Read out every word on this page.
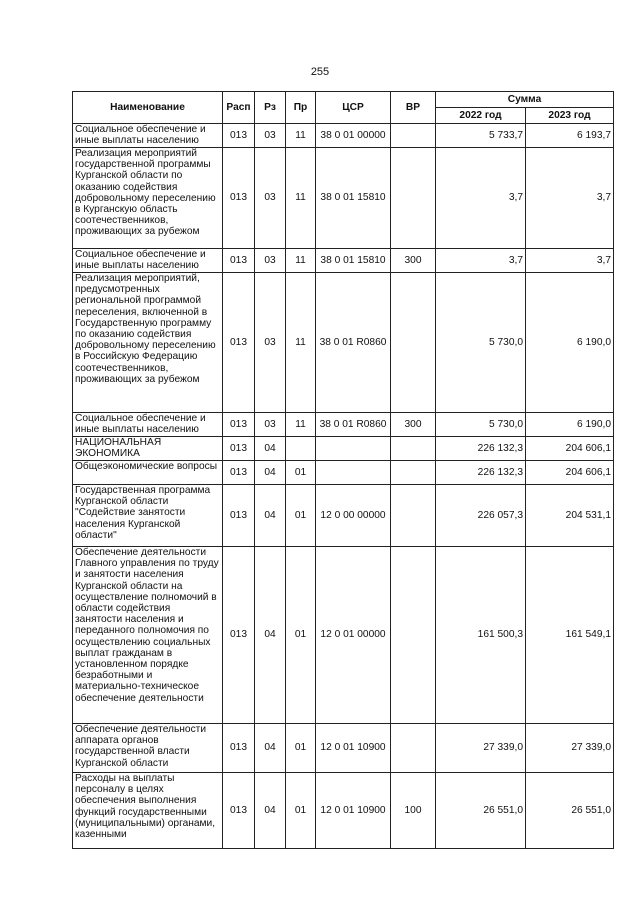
255
Наименование	Расп	Рз	Пр	ЦСР	ВР	Сумма	
						2022 год	2023 год
Социальное обеспечение и иные выплаты населению	013	03	11	38 0 01 00000		5 733,7	6 193,7
Реализация мероприятий государственной программы Курганской области по оказанию содействия добровольному переселению в Курганскую область соотечественников, проживающих за рубежом	013	03	11	38 0 01 15810		3,7	3,7
Социальное обеспечение и иные выплаты населению	013	03	11	38 0 01 15810	300	3,7	3,7
Реализация мероприятий, предусмотренных региональной программой переселения, включенной в Государственную программу по оказанию содействия добровольному переселению в Российскую Федерацию соотечественников, проживающих за рубежом	013	03	11	38 0 01 R0860		5 730,0	6 190,0
Социальное обеспечение и иные выплаты населению	013	03	11	38 0 01 R0860	300	5 730,0	6 190,0
НАЦИОНАЛЬНАЯ ЭКОНОМИКА	013	04				226 132,3	204 606,1
Общеэкономические вопросы	013	04	01			226 132,3	204 606,1
Государственная программа Курганской области "Содействие занятости населения Курганской области"	013	04	01	12 0 00 00000		226 057,3	204 531,1
Обеспечение деятельности Главного управления по труду и занятости населения Курганской области на осуществление полномочий в области содействия занятости населения и переданного полномочия по осуществлению социальных выплат гражданам в установленном порядке безработными и материально-техническое обеспечение деятельности	013	04	01	12 0 01 00000		161 500,3	161 549,1
Обеспечение деятельности аппарата органов государственной власти Курганской области	013	04	01	12 0 01 10900		27 339,0	27 339,0
Расходы на выплаты персоналу в целях обеспечения выполнения функций государственными (муниципальными) органами, казенными	013	04	01	12 0 01 10900	100	26 551,0	26 551,0
